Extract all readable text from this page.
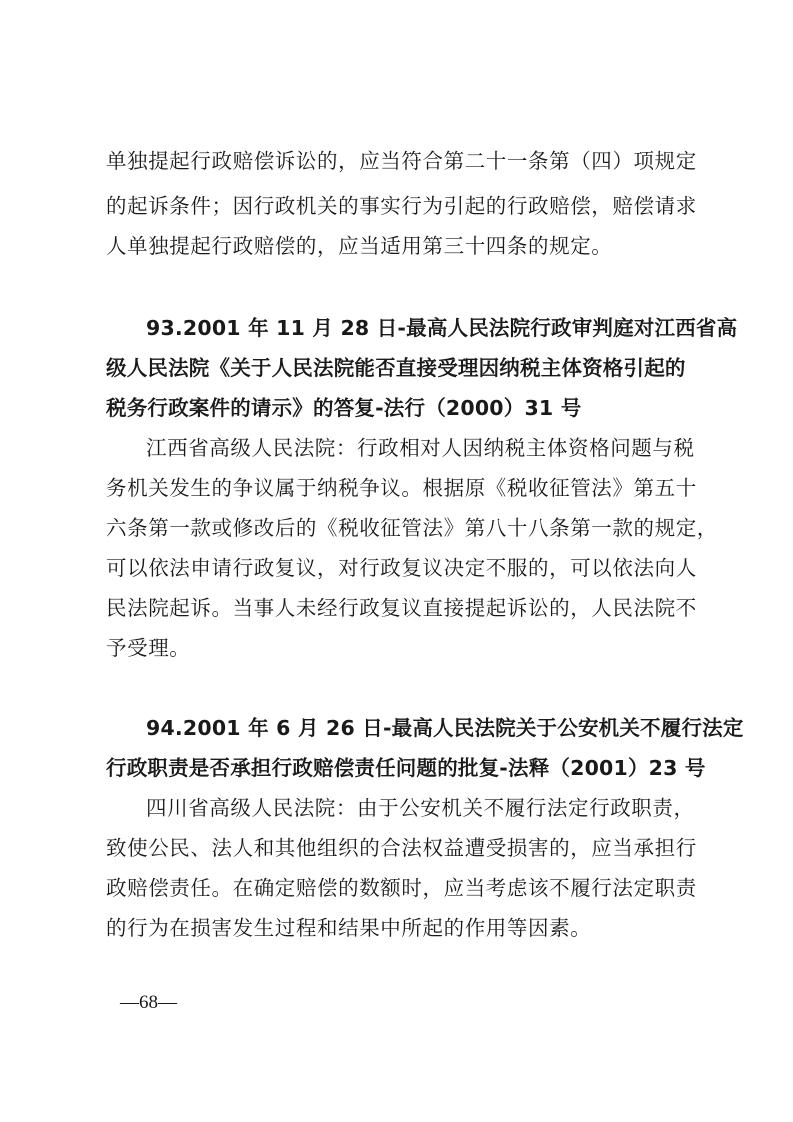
单独提起行政赔偿诉讼的，应当符合第二十一条第（四）项规定
的起诉条件；因行政机关的事实行为引起的行政赔偿，赔偿请求
人单独提起行政赔偿的，应当适用第三十四条的规定。
93.2001 年 11 月 28 日-最高人民法院行政审判庭对江西省高
级人民法院《关于人民法院能否直接受理因纳税主体资格引起的
税务行政案件的请示》的答复-法行（2000）31 号
江西省高级人民法院：行政相对人因纳税主体资格问题与税
务机关发生的争议属于纳税争议。根据原《税收征管法》第五十
六条第一款或修改后的《税收征管法》第八十八条第一款的规定，
可以依法申请行政复议，对行政复议决定不服的，可以依法向人
民法院起诉。当事人未经行政复议直接提起诉讼的，人民法院不
予受理。
94.2001 年 6 月 26 日-最高人民法院关于公安机关不履行法定
行政职责是否承担行政赔偿责任问题的批复-法释（2001）23 号
四川省高级人民法院：由于公安机关不履行法定行政职责，
致使公民、法人和其他组织的合法权益遭受损害的，应当承担行
政赔偿责任。在确定赔偿的数额时，应当考虑该不履行法定职责
的行为在损害发生过程和结果中所起的作用等因素。
—68—
